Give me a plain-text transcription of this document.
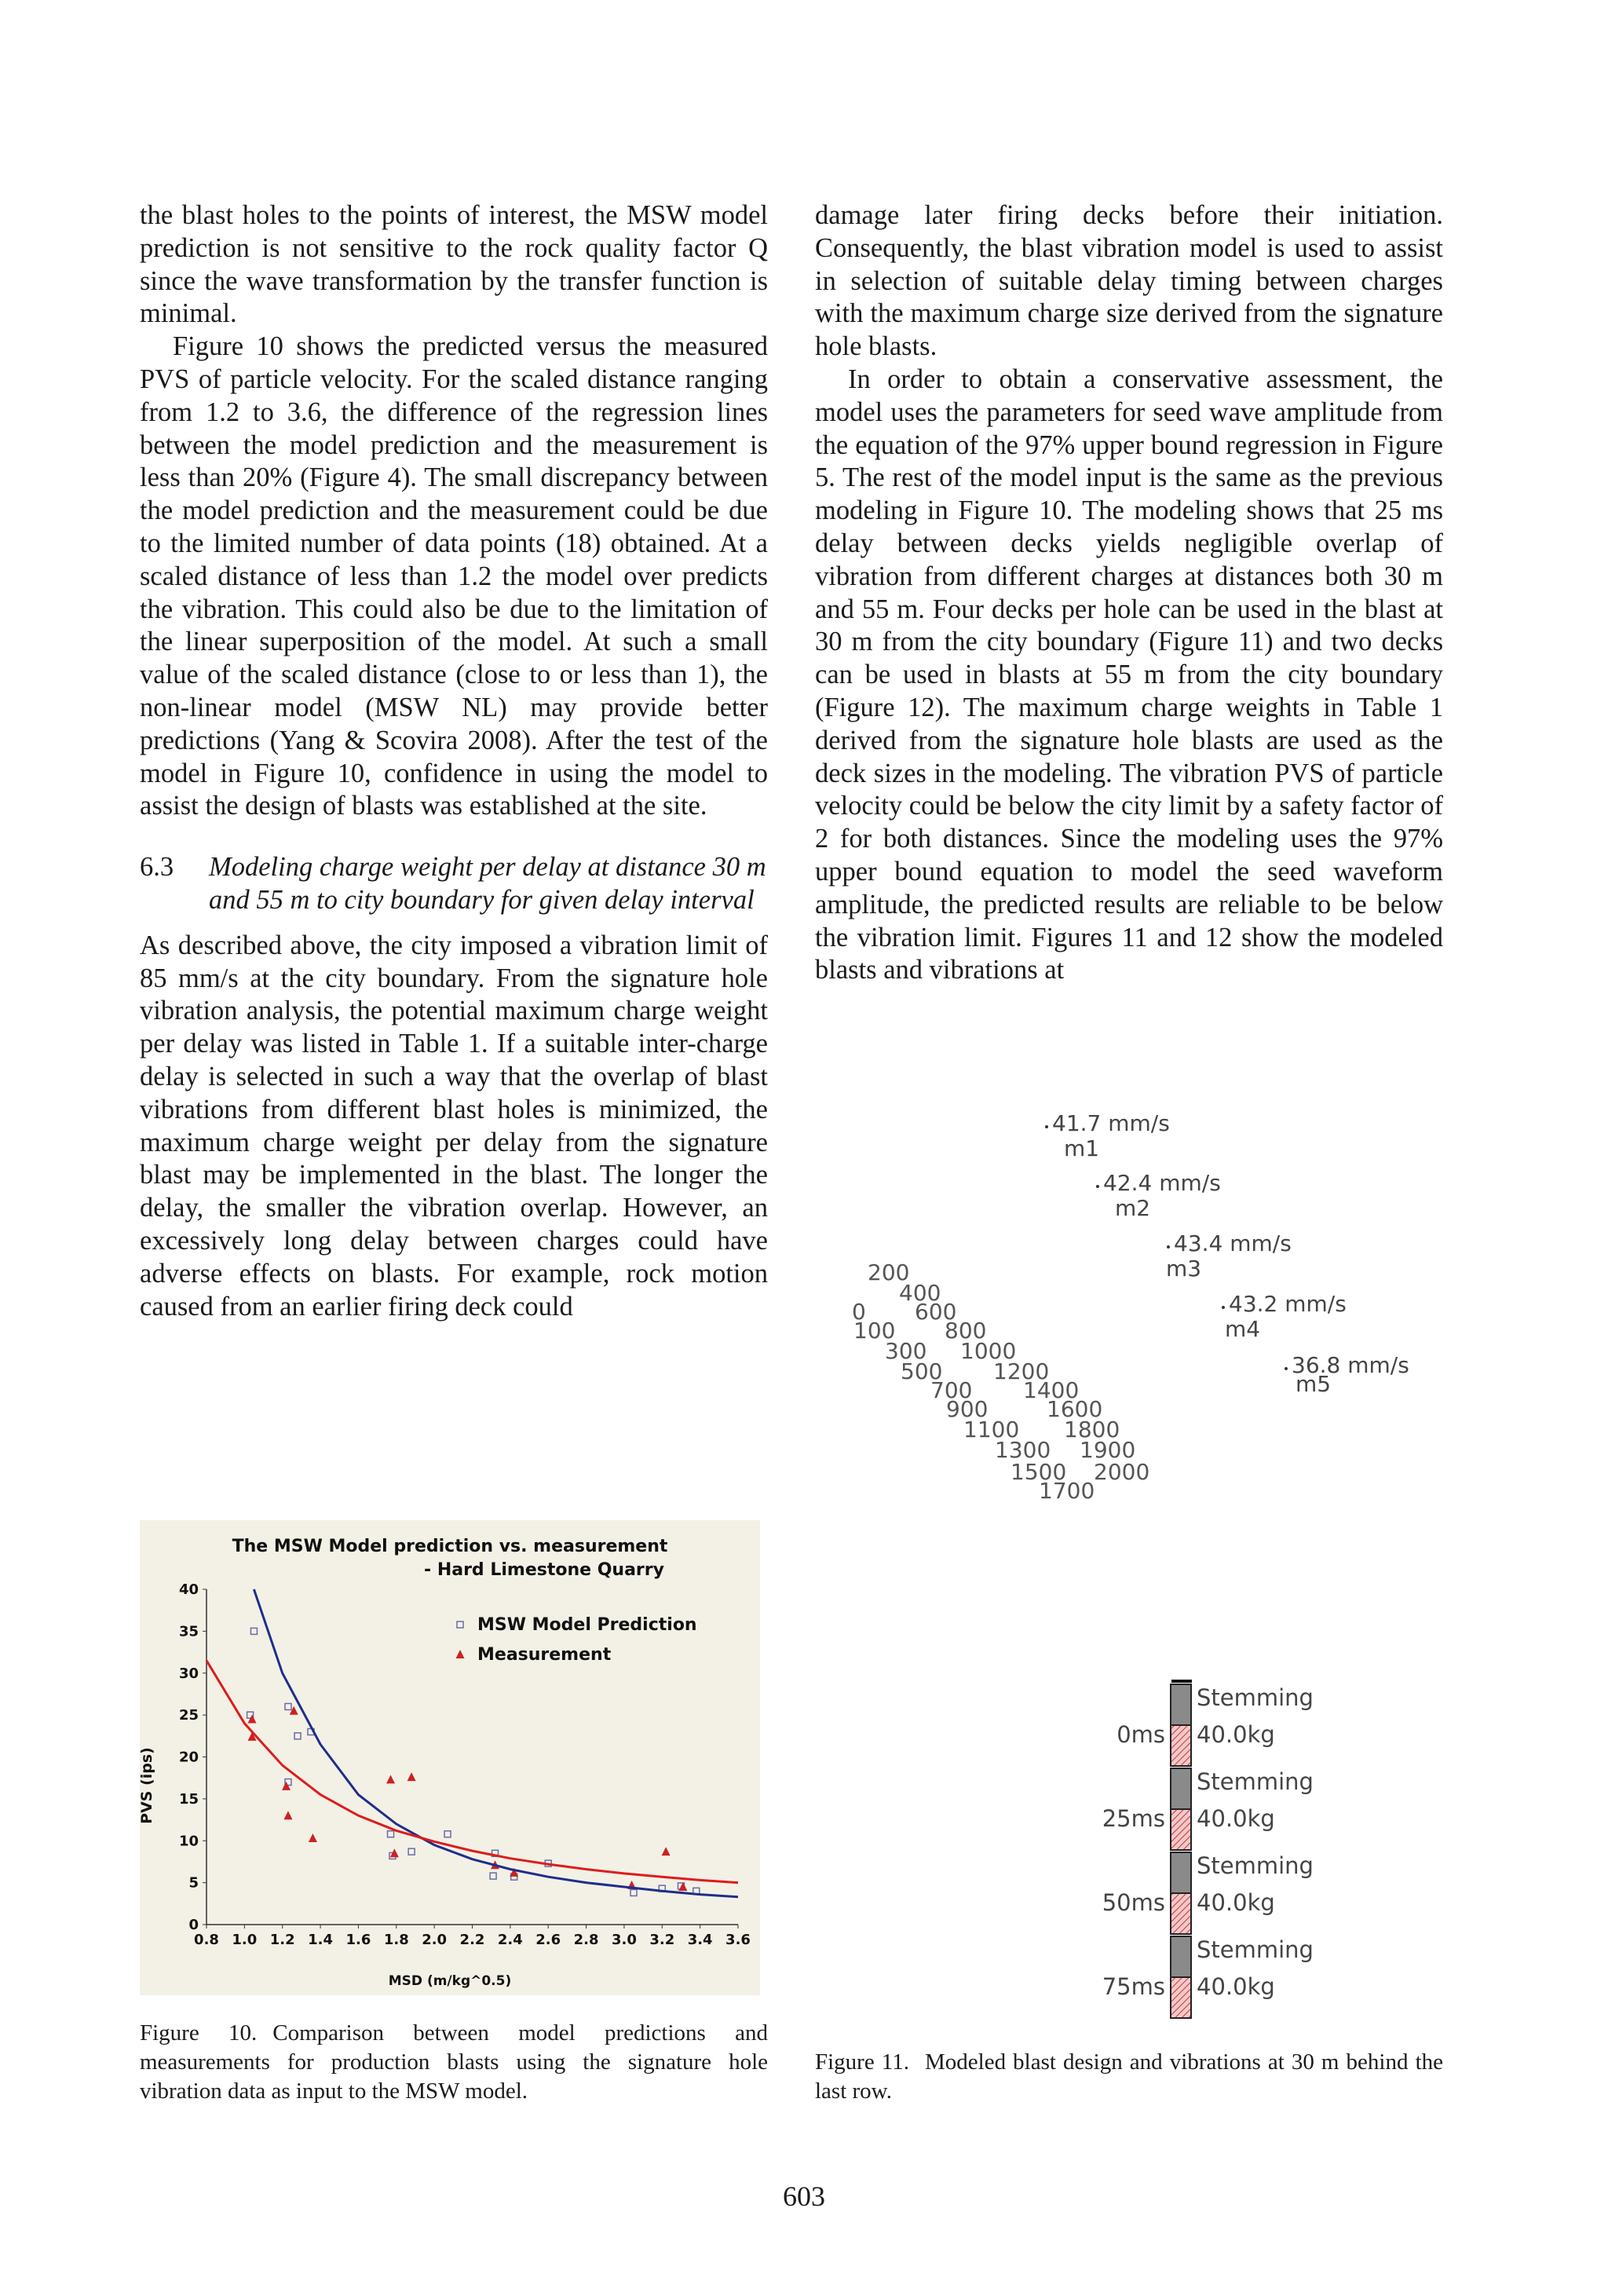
the blast holes to the points of interest, the MSW model prediction is not sensitive to the rock quality factor Q since the wave transformation by the transfer function is minimal.

Figure 10 shows the predicted versus the measured PVS of particle velocity. For the scaled distance ranging from 1.2 to 3.6, the difference of the regression lines between the model prediction and the measurement is less than 20% (Figure 4). The small discrepancy between the model prediction and the measurement could be due to the limited number of data points (18) obtained. At a scaled distance of less than 1.2 the model over predicts the vibration. This could also be due to the limitation of the linear superposition of the model. At such a small value of the scaled distance (close to or less than 1), the non-linear model (MSW NL) may provide better predictions (Yang & Scovira 2008). After the test of the model in Figure 10, confidence in using the model to assist the design of blasts was established at the site.

6.3	Modeling charge weight per delay at distance 30 m and 55 m to city boundary for given delay interval

As described above, the city imposed a vibration limit of 85 mm/s at the city boundary. From the signature hole vibration analysis, the potential maximum charge weight per delay was listed in Table 1. If a suitable inter-charge delay is selected in such a way that the overlap of blast vibrations from different blast holes is minimized, the maximum charge weight per delay from the signature blast may be implemented in the blast. The longer the delay, the smaller the vibration overlap. However, an excessively long delay between charges could have adverse effects on blasts. For example, rock motion caused from an earlier firing deck could

damage later firing decks before their initiation. Consequently, the blast vibration model is used to assist in selection of suitable delay timing between charges with the maximum charge size derived from the signature hole blasts.

In order to obtain a conservative assessment, the model uses the parameters for seed wave amplitude from the equation of the 97% upper bound regression in Figure 5. The rest of the model input is the same as the previous modeling in Figure 10. The modeling shows that 25 ms delay between decks yields negligible overlap of vibration from different charges at distances both 30 m and 55 m. Four decks per hole can be used in the blast at 30 m from the city boundary (Figure 11) and two decks can be used in blasts at 55 m from the city boundary (Figure 12). The maximum charge weights in Table 1 derived from the signature hole blasts are used as the deck sizes in the modeling. The vibration PVS of particle velocity could be below the city limit by a safety factor of 2 for both distances. Since the modeling uses the 97% upper bound equation to model the seed waveform amplitude, the predicted results are reliable to be below the vibration limit. Figures 11 and 12 show the modeled blasts and vibrations at

The MSW Model prediction vs. measurement
- Hard Limestone Quarry
0.8 1.0 1.2 1.4 1.6 1.8 2.0 2.2 2.4 2.6 2.8 3.0 3.2 3.4 3.6
0
5
10
15
20
25
30
35
40
MSW Model Prediction
Measurement
PVS (ips)
MSD (m/kg^0.5)
Figure 10. Comparison between model predictions and measurements for production blasts using the signature hole vibration data as input to the MSW model.
41.7 mm/s
m1
42.4 mm/s
m2
43.4 mm/s
m3
43.2 mm/s
m4
36.8 mm/s
m5
200
400
0 600
100 800
300 1000
500 1200
700 1400
900	1600
1100 1800
1300 1900
1500 2000
1700
Stemming
40.0kg
0ms
Stemming
40.0kg
25ms
Stemming
40.0kg
50ms
Stemming
40.0kg
75ms
Figure 11. Modeled blast design and vibrations at 30 m behind the last row.
603
